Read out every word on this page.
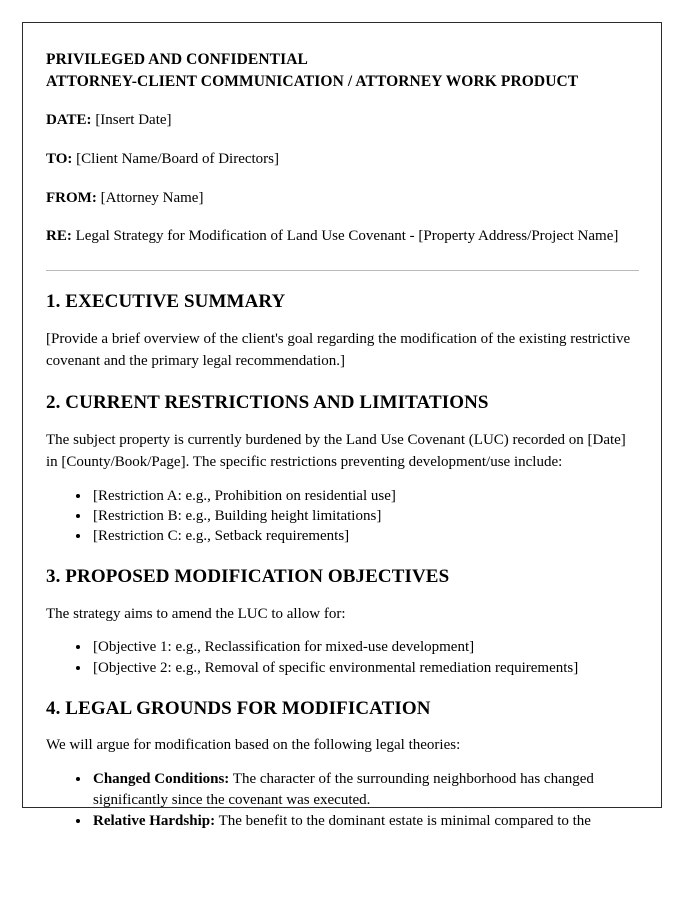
PRIVILEGED AND CONFIDENTIAL
ATTORNEY-CLIENT COMMUNICATION / ATTORNEY WORK PRODUCT

DATE: [Insert Date]

TO: [Client Name/Board of Directors]

FROM: [Attorney Name]

RE: Legal Strategy for Modification of Land Use Covenant - [Property Address/Project Name]

1. EXECUTIVE SUMMARY

[Provide a brief overview of the client's goal regarding the modification of the existing restrictive covenant and the primary legal recommendation.]

2. CURRENT RESTRICTIONS AND LIMITATIONS

The subject property is currently burdened by the Land Use Covenant (LUC) recorded on [Date] in [County/Book/Page]. The specific restrictions preventing development/use include:

• [Restriction A: e.g., Prohibition on residential use]
• [Restriction B: e.g., Building height limitations]
• [Restriction C: e.g., Setback requirements]
3. PROPOSED MODIFICATION OBJECTIVES

The strategy aims to amend the LUC to allow for:

• [Objective 1: e.g., Reclassification for mixed-use development]
• [Objective 2: e.g., Removal of specific environmental remediation requirements]
4. LEGAL GROUNDS FOR MODIFICATION

We will argue for modification based on the following legal theories:

• Changed Conditions: The character of the surrounding neighborhood has changed significantly since the covenant was executed.
• Relative Hardship: The benefit to the dominant estate is minimal compared to the
